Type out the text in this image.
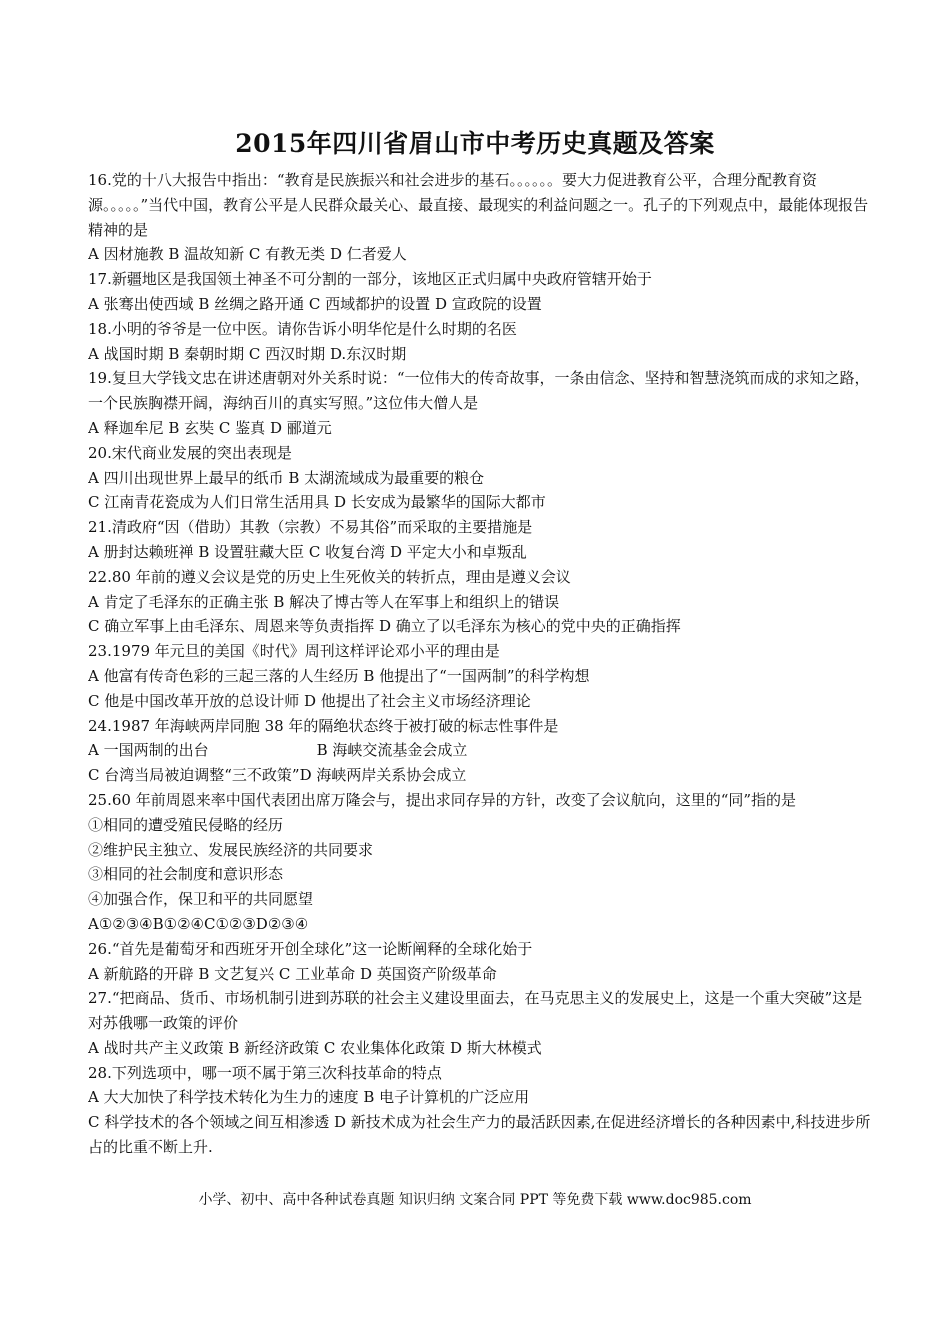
2015年四川省眉山市中考历史真题及答案
16.党的十八大报告中指出：“教育是民族振兴和社会进步的基石。。。。。。要大力促进教育公平，合理分配教育资源。。。。。”当代中国，教育公平是人民群众最关心、最直接、最现实的利益问题之一。孔子的下列观点中，最能体现报告精神的是
A 因材施教 B 温故知新 C 有教无类 D 仁者爱人
17.新疆地区是我国领土神圣不可分割的一部分，该地区正式归属中央政府管辖开始于
A 张骞出使西域 B 丝绸之路开通 C 西域都护的设置 D 宣政院的设置
18.小明的爷爷是一位中医。请你告诉小明华佗是什么时期的名医
A 战国时期 B 秦朝时期 C 西汉时期 D.东汉时期
19.复旦大学钱文忠在讲述唐朝对外关系时说：“一位伟大的传奇故事，一条由信念、坚持和智慧浇筑而成的求知之路，一个民族胸襟开阔，海纳百川的真实写照。”这位伟大僧人是
A 释迦牟尼 B 玄奘 C 鉴真 D 郦道元
20.宋代商业发展的突出表现是
A 四川出现世界上最早的纸币 B 太湖流域成为最重要的粮仓
C 江南青花瓷成为人们日常生活用具 D 长安成为最繁华的国际大都市
21.清政府“因（借助）其教（宗教）不易其俗”而采取的主要措施是
A 册封达赖班禅 B 设置驻藏大臣 C 收复台湾 D 平定大小和卓叛乱
22.80 年前的遵义会议是党的历史上生死攸关的转折点，理由是遵义会议
A 肯定了毛泽东的正确主张 B 解决了博古等人在军事上和组织上的错误
C 确立军事上由毛泽东、周恩来等负责指挥 D 确立了以毛泽东为核心的党中央的正确指挥
23.1979 年元旦的美国《时代》周刊这样评论邓小平的理由是
A 他富有传奇色彩的三起三落的人生经历 B 他提出了“一国两制”的科学构想
C 他是中国改革开放的总设计师 D 他提出了社会主义市场经济理论
24.1987 年海峡两岸同胞 38 年的隔绝状态终于被打破的标志性事件是
A 一国两制的出台	B 海峡交流基金会成立
C 台湾当局被迫调整“三不政策”D 海峡两岸关系协会成立
25.60 年前周恩来率中国代表团出席万隆会与，提出求同存异的方针，改变了会议航向，这里的“同”指的是
①相同的遭受殖民侵略的经历
②维护民主独立、发展民族经济的共同要求
③相同的社会制度和意识形态
④加强合作，保卫和平的共同愿望
A①②③④B①②④C①②③D②③④
26.“首先是葡萄牙和西班牙开创全球化”这一论断阐释的全球化始于
A 新航路的开辟 B 文艺复兴 C 工业革命 D 英国资产阶级革命
27.“把商品、货币、市场机制引进到苏联的社会主义建设里面去，在马克思主义的发展史上，这是一个重大突破”这是对苏俄哪一政策的评价
A 战时共产主义政策 B 新经济政策 C 农业集体化政策 D 斯大林模式
28.下列选项中，哪一项不属于第三次科技革命的特点
A 大大加快了科学技术转化为生力的速度 B 电子计算机的广泛应用
C 科学技术的各个领域之间互相渗透 D 新技术成为社会生产力的最活跃因素,在促进经济增长的各种因素中,科技进步所占的比重不断上升.
小学、初中、高中各种试卷真题 知识归纳 文案合同 PPT 等免费下载 www.doc985.com
